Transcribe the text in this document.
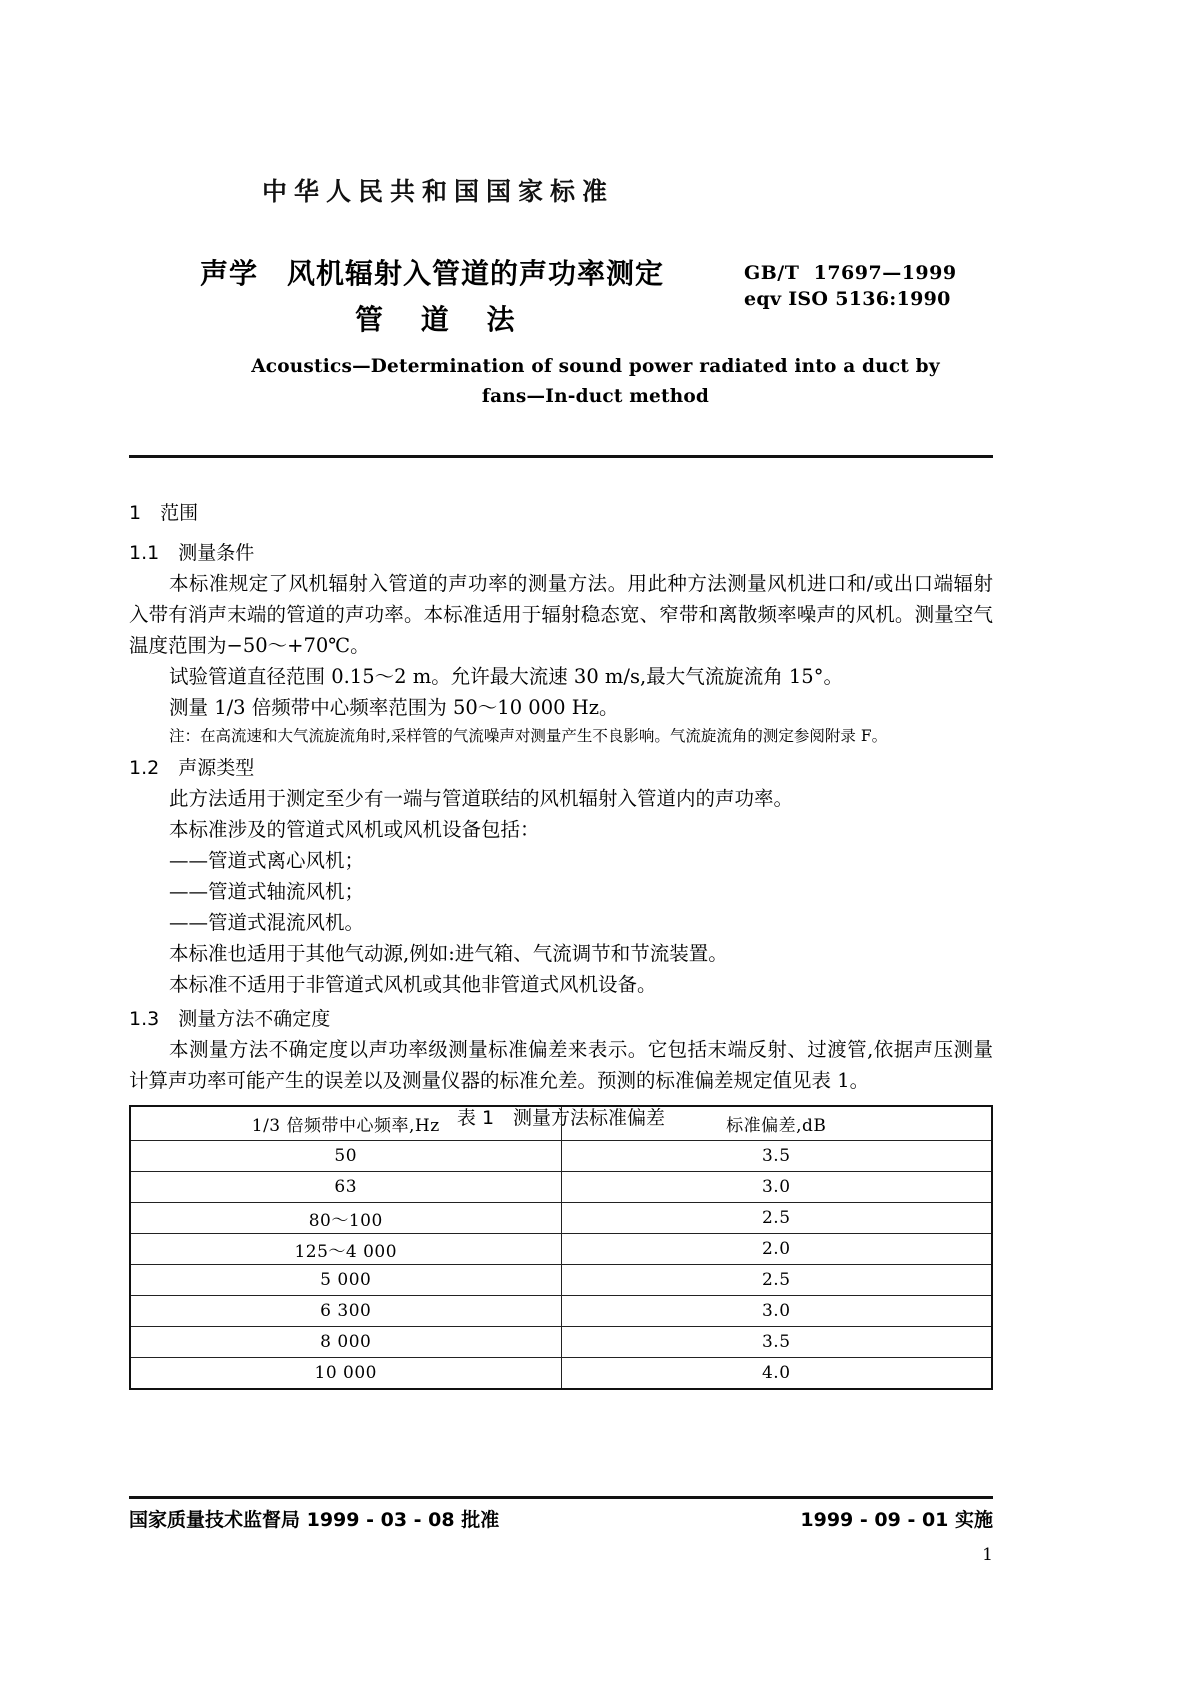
中华人民共和国国家标准
声学　风机辐射入管道的声功率测定
管 道 法
GB/T  17697—1999
eqv ISO 5136:1990
Acoustics—Determination of sound power radiated into a duct by
fans—In-duct method
1　范围
1.1　测量条件
本标准规定了风机辐射入管道的声功率的测量方法。用此种方法测量风机进口和/或出口端辐射入带有消声末端的管道的声功率。本标准适用于辐射稳态宽、窄带和离散频率噪声的风机。测量空气温度范围为−50～+70℃。
试验管道直径范围 0.15～2 m。允许最大流速 30 m/s,最大气流旋流角 15°。
测量 1/3 倍频带中心频率范围为 50～10 000 Hz。
注：在高流速和大气流旋流角时,采样管的气流噪声对测量产生不良影响。气流旋流角的测定参阅附录 F。
1.2　声源类型
此方法适用于测定至少有一端与管道联结的风机辐射入管道内的声功率。
本标准涉及的管道式风机或风机设备包括：
——管道式离心风机；
——管道式轴流风机；
——管道式混流风机。
本标准也适用于其他气动源,例如:进气箱、气流调节和节流装置。
本标准不适用于非管道式风机或其他非管道式风机设备。
1.3　测量方法不确定度
本测量方法不确定度以声功率级测量标准偏差来表示。它包括末端反射、过渡管,依据声压测量计算声功率可能产生的误差以及测量仪器的标准允差。预测的标准偏差规定值见表 1。
表 1　测量方法标准偏差
1/3 倍频带中心频率,Hz	标准偏差,dB
50	3.5
63	3.0
80～100	2.5
125～4 000	2.0
5 000	2.5
6 300	3.0
8 000	3.5
10 000	4.0
国家质量技术监督局 1999 - 03 - 08 批准	1999 - 09 - 01 实施
1
